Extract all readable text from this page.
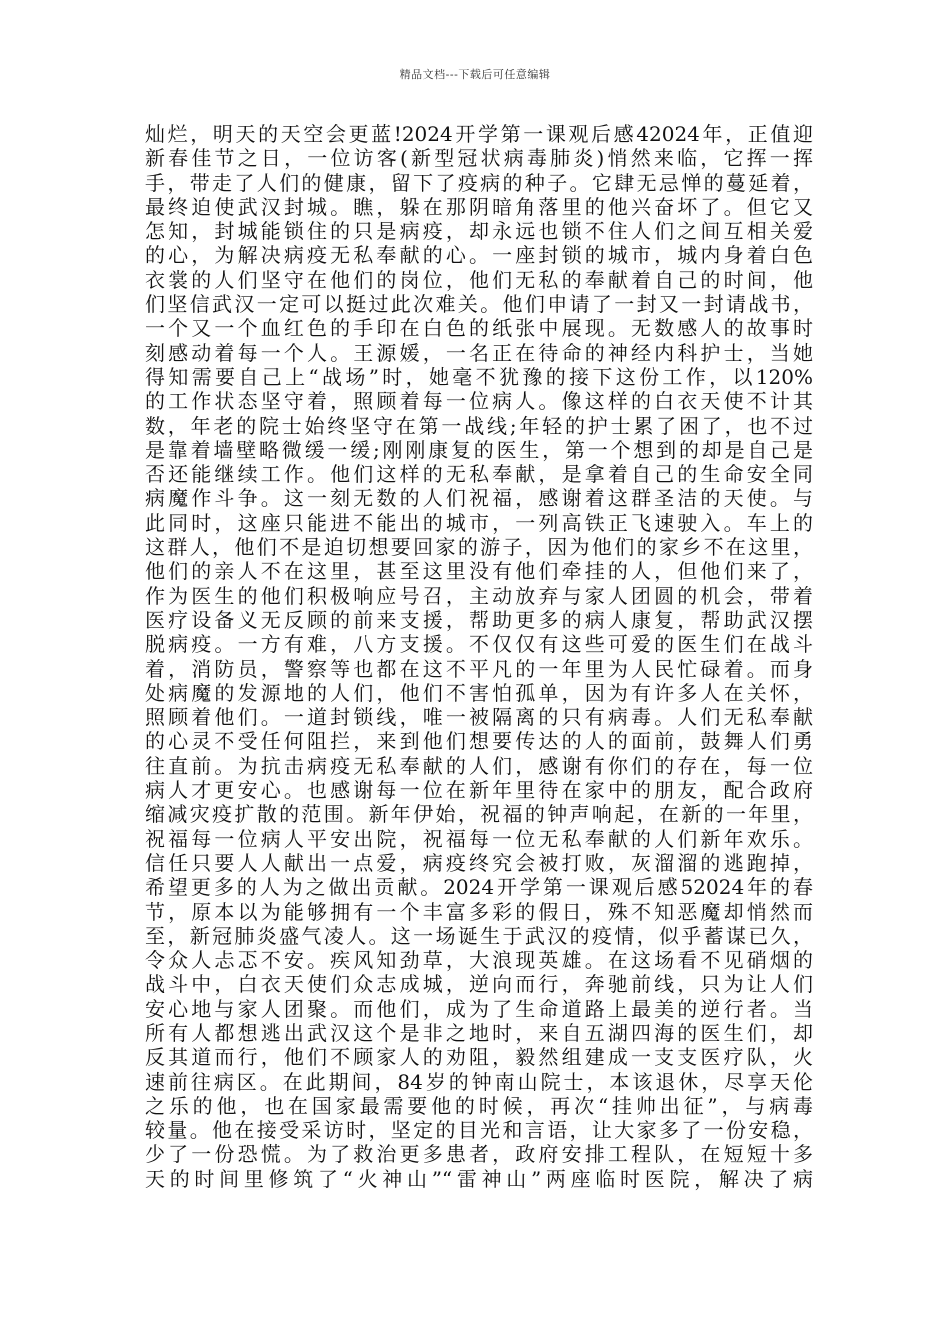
精品文档---下载后可任意编辑
灿烂，明天的天空会更蓝!2024开学第一课观后感42024年，正值迎
新春佳节之日，一位访客(新型冠状病毒肺炎)悄然来临，它挥一挥
手，带走了人们的健康，留下了疫病的种子。它肆无忌惮的蔓延着，
最终迫使武汉封城。瞧，躲在那阴暗角落里的他兴奋坏了。但它又
怎知，封城能锁住的只是病疫，却永远也锁不住人们之间互相关爱
的心，为解决病疫无私奉献的心。一座封锁的城市，城内身着白色
衣裳的人们坚守在他们的岗位，他们无私的奉献着自己的时间，他
们坚信武汉一定可以挺过此次难关。他们申请了一封又一封请战书，
一个又一个血红色的手印在白色的纸张中展现。无数感人的故事时
刻感动着每一个人。王源媛，一名正在待命的神经内科护士，当她
得知需要自己上“战场”时，她毫不犹豫的接下这份工作，以120%
的工作状态坚守着，照顾着每一位病人。像这样的白衣天使不计其
数，年老的院士始终坚守在第一战线;年轻的护士累了困了，也不过
是靠着墙壁略微缓一缓;刚刚康复的医生，第一个想到的却是自己是
否还能继续工作。他们这样的无私奉献，是拿着自己的生命安全同
病魔作斗争。这一刻无数的人们祝福，感谢着这群圣洁的天使。与
此同时，这座只能进不能出的城市，一列高铁正飞速驶入。车上的
这群人，他们不是迫切想要回家的游子，因为他们的家乡不在这里，
他们的亲人不在这里，甚至这里没有他们牵挂的人，但他们来了，
作为医生的他们积极响应号召，主动放弃与家人团圆的机会，带着
医疗设备义无反顾的前来支援，帮助更多的病人康复，帮助武汉摆
脱病疫。一方有难，八方支援。不仅仅有这些可爱的医生们在战斗
着，消防员，警察等也都在这不平凡的一年里为人民忙碌着。而身
处病魔的发源地的人们，他们不害怕孤单，因为有许多人在关怀，
照顾着他们。一道封锁线，唯一被隔离的只有病毒。人们无私奉献
的心灵不受任何阻拦，来到他们想要传达的人的面前，鼓舞人们勇
往直前。为抗击病疫无私奉献的人们，感谢有你们的存在，每一位
病人才更安心。也感谢每一位在新年里待在家中的朋友，配合政府
缩减灾疫扩散的范围。新年伊始，祝福的钟声响起，在新的一年里，
祝福每一位病人平安出院，祝福每一位无私奉献的人们新年欢乐。
信任只要人人献出一点爱，病疫终究会被打败，灰溜溜的逃跑掉，
希望更多的人为之做出贡献。2024开学第一课观后感52024年的春
节，原本以为能够拥有一个丰富多彩的假日，殊不知恶魔却悄然而
至，新冠肺炎盛气凌人。这一场诞生于武汉的疫情，似乎蓄谋已久，
令众人忐忑不安。疾风知劲草，大浪现英雄。在这场看不见硝烟的
战斗中，白衣天使们众志成城，逆向而行，奔驰前线，只为让人们
安心地与家人团聚。而他们，成为了生命道路上最美的逆行者。当
所有人都想逃出武汉这个是非之地时，来自五湖四海的医生们，却
反其道而行，他们不顾家人的劝阻，毅然组建成一支支医疗队，火
速前往病区。在此期间，84岁的钟南山院士，本该退休，尽享天伦
之乐的他，也在国家最需要他的时候，再次“挂帅出征”，与病毒
较量。他在接受采访时，坚定的目光和言语，让大家多了一份安稳，
少了一份恐慌。为了救治更多患者，政府安排工程队，在短短十多
天的时间里修筑了“火神山”“雷神山”两座临时医院，解决了病
